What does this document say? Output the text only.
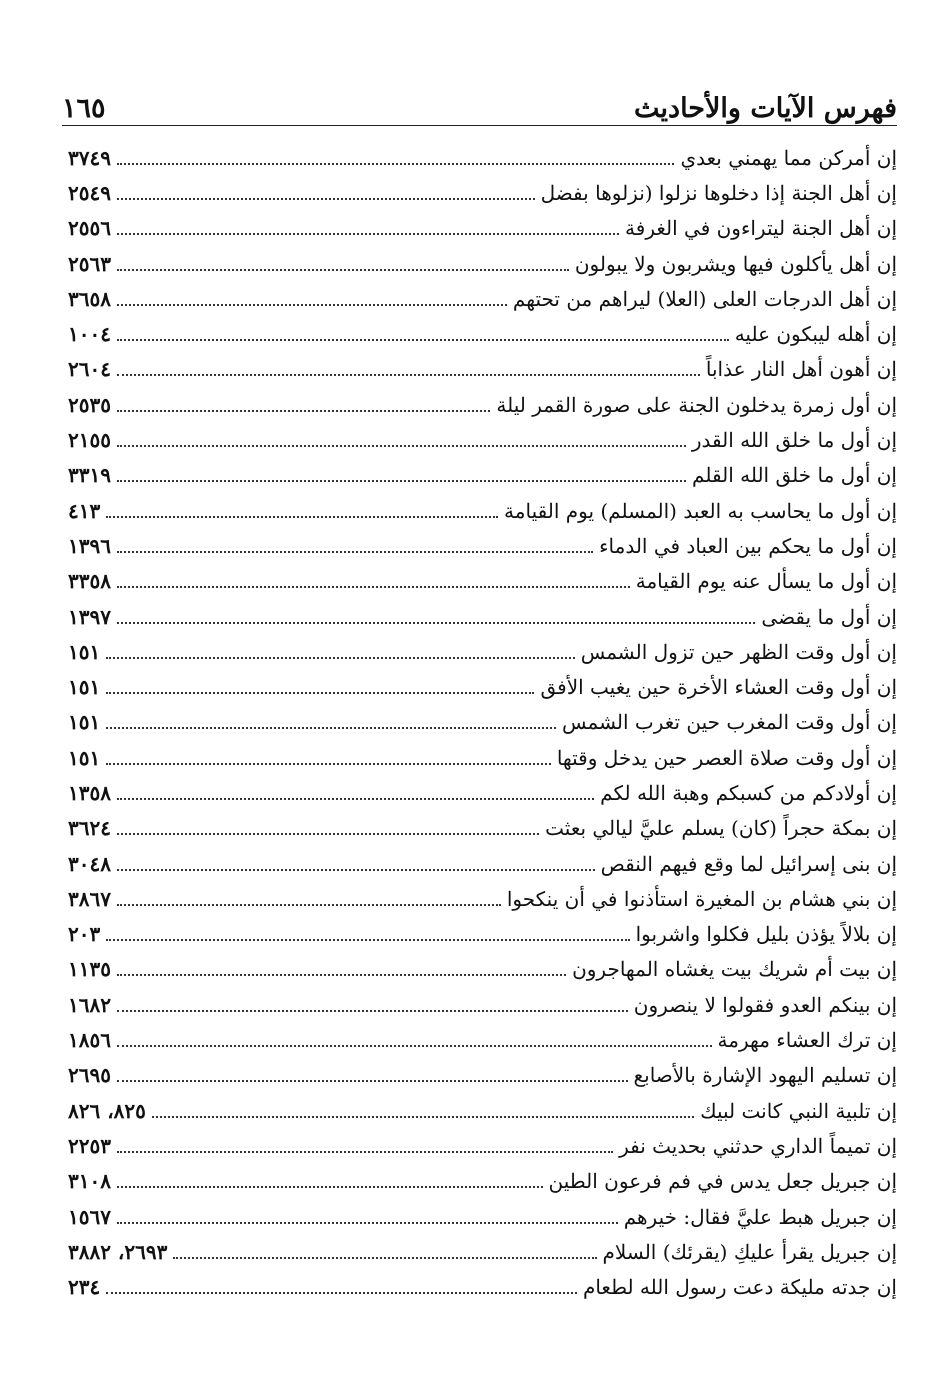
١٦٥	فهرس الآيات والأحاديث
إن أمركن مما يهمني بعدي
٣٧٤٩
إن أهل الجنة إذا دخلوها نزلوا (نزلوها بفضل
٢٥٤٩
إن أهل الجنة ليتراءون في الغرفة
٢٥٥٦
إن أهل يأكلون فيها ويشربون ولا يبولون
٢٥٦٣
إن أهل الدرجات العلى (العلا) ليراهم من تحتهم
٣٦٥٨
إن أهله ليبكون عليه
١٠٠٤
إن أهون أهل النار عذاباً
٢٦٠٤
إن أول زمرة يدخلون الجنة على صورة القمر ليلة
٢٥٣٥
إن أول ما خلق الله القدر
٢١٥٥
إن أول ما خلق الله القلم
٣٣١٩
إن أول ما يحاسب به العبد (المسلم) يوم القيامة
٤١٣
إن أول ما يحكم بين العباد في الدماء
١٣٩٦
إن أول ما يسأل عنه يوم القيامة
٣٣٥٨
إن أول ما يقضى
١٣٩٧
إن أول وقت الظهر حين تزول الشمس
١٥١
إن أول وقت العشاء الأخرة حين يغيب الأفق
١٥١
إن أول وقت المغرب حين تغرب الشمس
١٥١
إن أول وقت صلاة العصر حين يدخل وقتها
١٥١
إن أولادكم من كسبكم وهبة الله لكم
١٣٥٨
إن بمكة حجراً (كان) يسلم عليَّ ليالي بعثت
٣٦٢٤
إن بنى إسرائيل لما وقع فيهم النقص
٣٠٤٨
إن بني هشام بن المغيرة استأذنوا في أن ينكحوا
٣٨٦٧
إن بلالاً يؤذن بليل فكلوا واشربوا
٢٠٣
إن بيت أم شريك بيت يغشاه المهاجرون
١١٣٥
إن بينكم العدو فقولوا لا ينصرون
١٦٨٢
إن ترك العشاء مهرمة
١٨٥٦
إن تسليم اليهود الإشارة بالأصابع
٢٦٩٥
إن تلبية النبي كانت لبيك
٨٢٥، ٨٢٦
إن تميماً الداري حدثني بحديث نفر
٢٢٥٣
إن جبريل جعل يدس في فم فرعون الطين
٣١٠٨
إن جبريل هبط عليَّ فقال: خيرهم
١٥٦٧
إن جبريل يقرأ عليكِ (يقرئك) السلام
٢٦٩٣، ٣٨٨٢
إن جدته مليكة دعت رسول الله لطعام
٢٣٤
